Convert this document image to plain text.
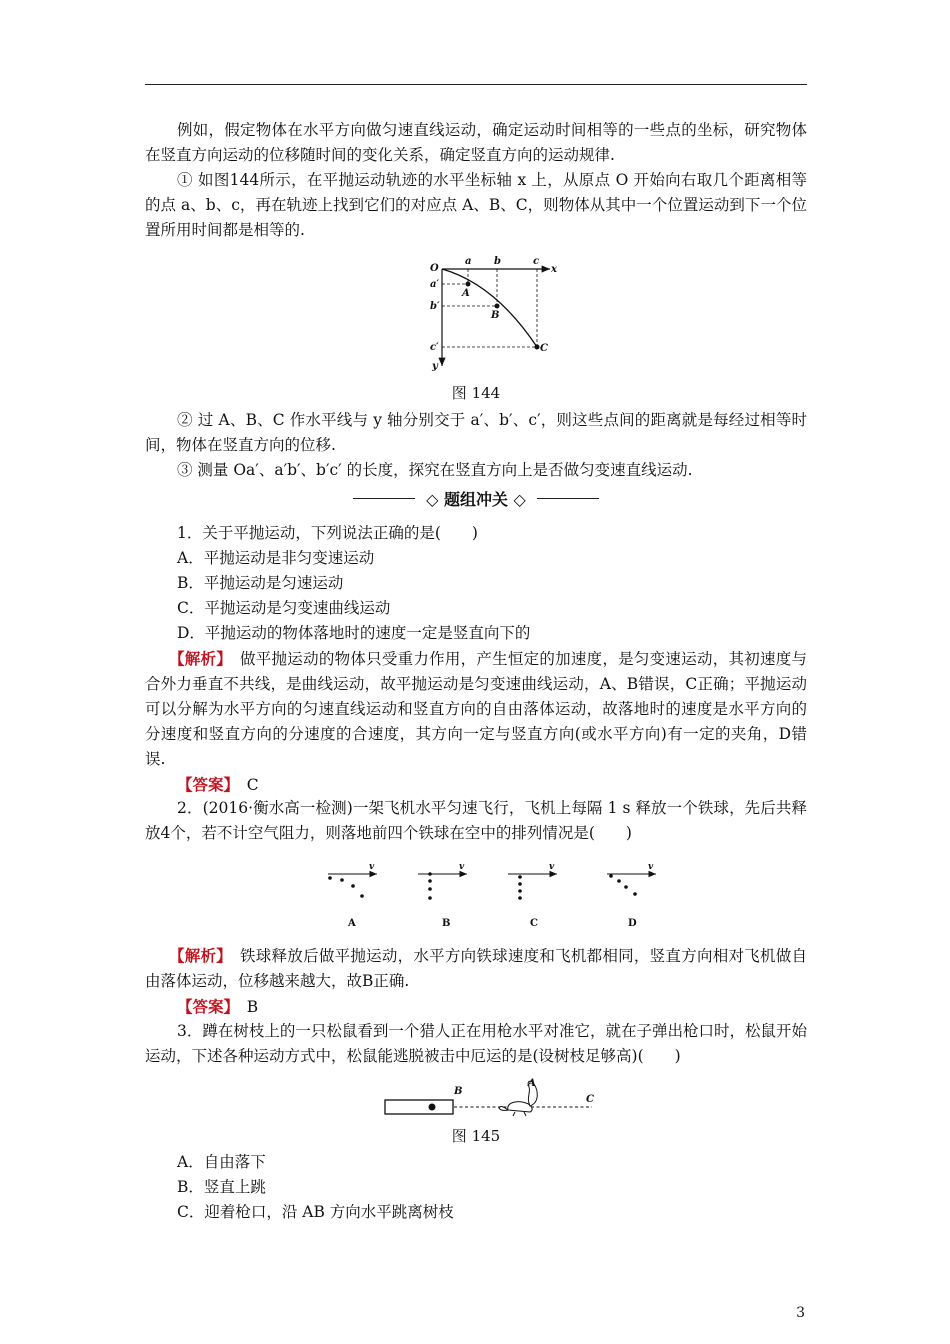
例如，假定物体在水平方向做匀速直线运动，确定运动时间相等的一些点的坐标，研究物体在竖直方向运动的位移随时间的变化关系，确定竖直方向的运动规律.

① 如图144所示，在平抛运动轨迹的水平坐标轴 x 上，从原点 O 开始向右取几个距离相等的点 a、b、c，再在轨迹上找到它们的对应点 A、B、C，则物体从其中一个位置运动到下一个位置所用时间都是相等的.

O
a b	c
x
a′
b′
c′
y
A
B
C

图 144

② 过 A、B、C 作水平线与 y 轴分别交于 a′、b′、c′，则这些点间的距离就是每经过相等时间，物体在竖直方向的位移.

③ 测量 Oa′、a′b′、b′c′ 的长度，探究在竖直方向上是否做匀变速直线运动.

◇ 题组冲关 ◇

1．关于平抛运动，下列说法正确的是(　　)

A．平抛运动是非匀变速运动

B．平抛运动是匀速运动

C．平抛运动是匀变速曲线运动

D．平抛运动的物体落地时的速度一定是竖直向下的

【解析】　 做平抛运动的物体只受重力作用，产生恒定的加速度，是匀变速运动，其初速度与合外力垂直不共线，是曲线运动，故平抛运动是匀变速曲线运动，A、B错误，C正确；平抛运动可以分解为水平方向的匀速直线运动和竖直方向的自由落体运动，故落地时的速度是水平方向的分速度和竖直方向的分速度的合速度，其方向一定与竖直方向(或水平方向)有一定的夹角，D错误.

【答案】　 C

2．(2016·衡水高一检测)一架飞机水平匀速飞行，飞机上每隔 1 s 释放一个铁球，先后共释放4个，若不计空气阻力，则落地前四个铁球在空中的排列情况是(　　)

v	v	v	v
A	B	C	D

【解析】　 铁球释放后做平抛运动，水平方向铁球速度和飞机都相同，竖直方向相对飞机做自由落体运动，位移越来越大，故B正确.

【答案】　 B

3．蹲在树枝上的一只松鼠看到一个猎人正在用枪水平对准它，就在子弹出枪口时，松鼠开始运动，下述各种运动方式中，松鼠能逃脱被击中厄运的是(设树枝足够高)(　　)

B
A
C

图 145

A．自由落下

B．竖直上跳

C．迎着枪口，沿 AB 方向水平跳离树枝

3
